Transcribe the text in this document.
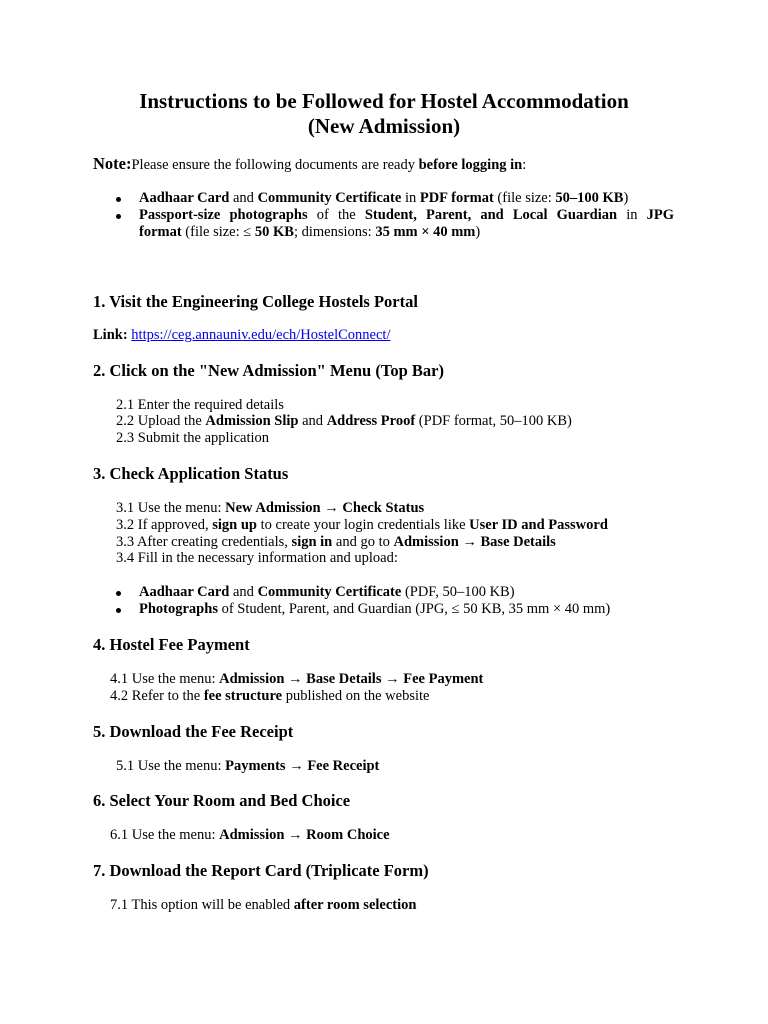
Instructions to be Followed for Hostel Accommodation
(New Admission)
Note:Please ensure the following documents are ready before logging in:
Aadhaar Card and Community Certificate in PDF format (file size: 50–100 KB)
Passport-size photographs of the Student, Parent, and Local Guardian in JPG
format (file size: ≤ 50 KB; dimensions: 35 mm × 40 mm)
1. Visit the Engineering College Hostels Portal
Link: https://ceg.annauniv.edu/ech/HostelConnect/
2. Click on the "New Admission" Menu (Top Bar)
2.1 Enter the required details
2.2 Upload the Admission Slip and Address Proof (PDF format, 50–100 KB)
2.3 Submit the application
3. Check Application Status
3.1 Use the menu: New Admission → Check Status
3.2 If approved, sign up to create your login credentials like User ID and Password
3.3 After creating credentials, sign in and go to Admission → Base Details
3.4 Fill in the necessary information and upload:
Aadhaar Card and Community Certificate (PDF, 50–100 KB)
Photographs of Student, Parent, and Guardian (JPG, ≤ 50 KB, 35 mm × 40 mm)
4. Hostel Fee Payment
4.1 Use the menu: Admission → Base Details → Fee Payment
4.2 Refer to the fee structure published on the website
5. Download the Fee Receipt
5.1 Use the menu: Payments → Fee Receipt
6. Select Your Room and Bed Choice
6.1 Use the menu: Admission → Room Choice
7. Download the Report Card (Triplicate Form)
7.1 This option will be enabled after room selection
